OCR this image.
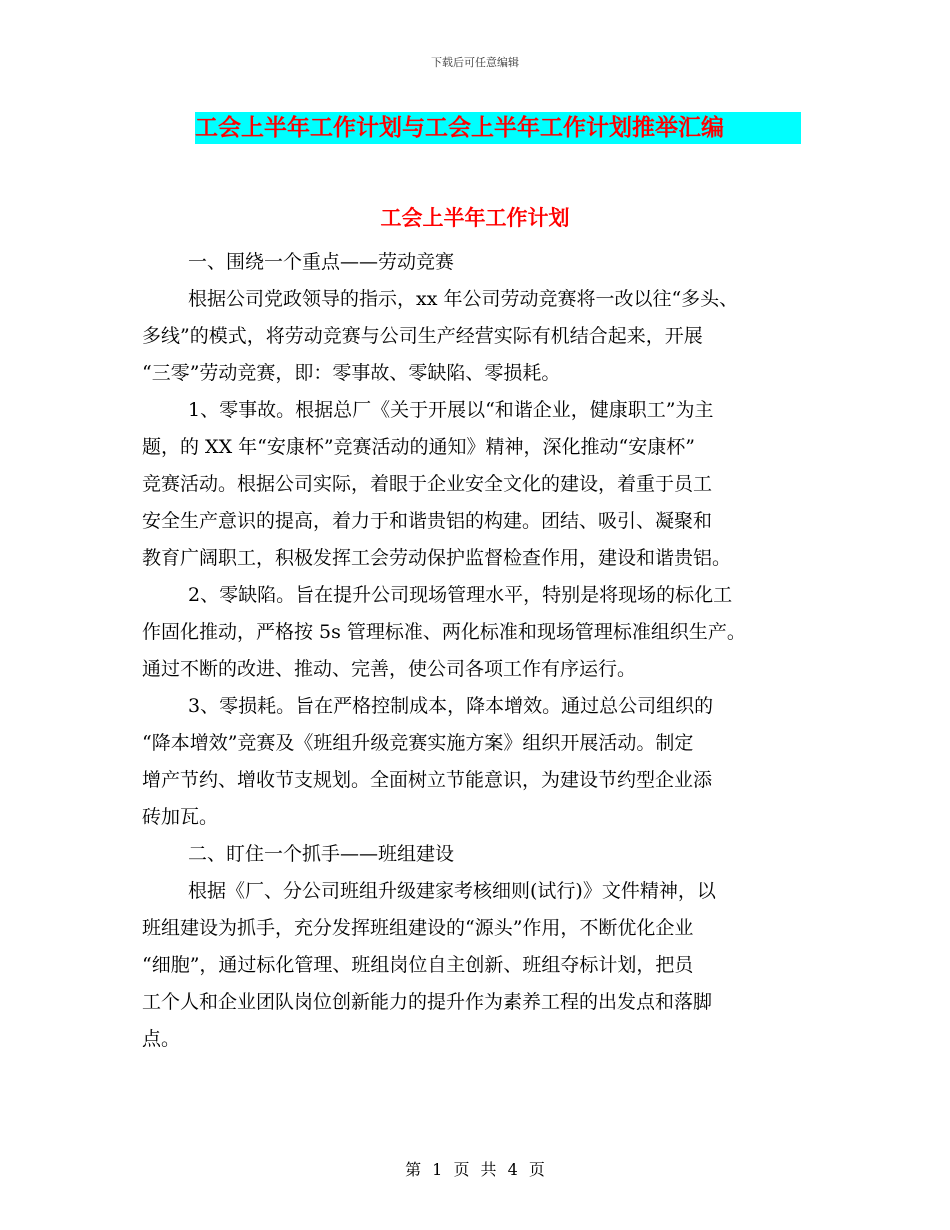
下载后可任意编辑
工会上半年工作计划与工会上半年工作计划推举汇编
工会上半年工作计划
一、围绕一个重点——劳动竞赛
根据公司党政领导的指示，xx 年公司劳动竞赛将一改以往“多头、
多线”的模式，将劳动竞赛与公司生产经营实际有机结合起来，开展
“三零”劳动竞赛，即：零事故、零缺陷、零损耗。
1、零事故。根据总厂《关于开展以“和谐企业，健康职工”为主
题，的 XX 年“安康杯”竞赛活动的通知》精神，深化推动“安康杯”
竞赛活动。根据公司实际，着眼于企业安全文化的建设，着重于员工
安全生产意识的提高，着力于和谐贵铝的构建。团结、吸引、凝聚和
教育广阔职工，积极发挥工会劳动保护监督检查作用，建设和谐贵铝。
2、零缺陷。旨在提升公司现场管理水平，特别是将现场的标化工
作固化推动，严格按 5s 管理标准、两化标准和现场管理标准组织生产。
通过不断的改进、推动、完善，使公司各项工作有序运行。
3、零损耗。旨在严格控制成本，降本增效。通过总公司组织的
“降本增效”竞赛及《班组升级竞赛实施方案》组织开展活动。制定
增产节约、增收节支规划。全面树立节能意识，为建设节约型企业添
砖加瓦。
二、盯住一个抓手——班组建设
根据《厂、分公司班组升级建家考核细则(试行)》文件精神，以
班组建设为抓手，充分发挥班组建设的“源头”作用，不断优化企业
“细胞”，通过标化管理、班组岗位自主创新、班组夺标计划，把员
工个人和企业团队岗位创新能力的提升作为素养工程的出发点和落脚
点。
第 1 页 共 4 页
